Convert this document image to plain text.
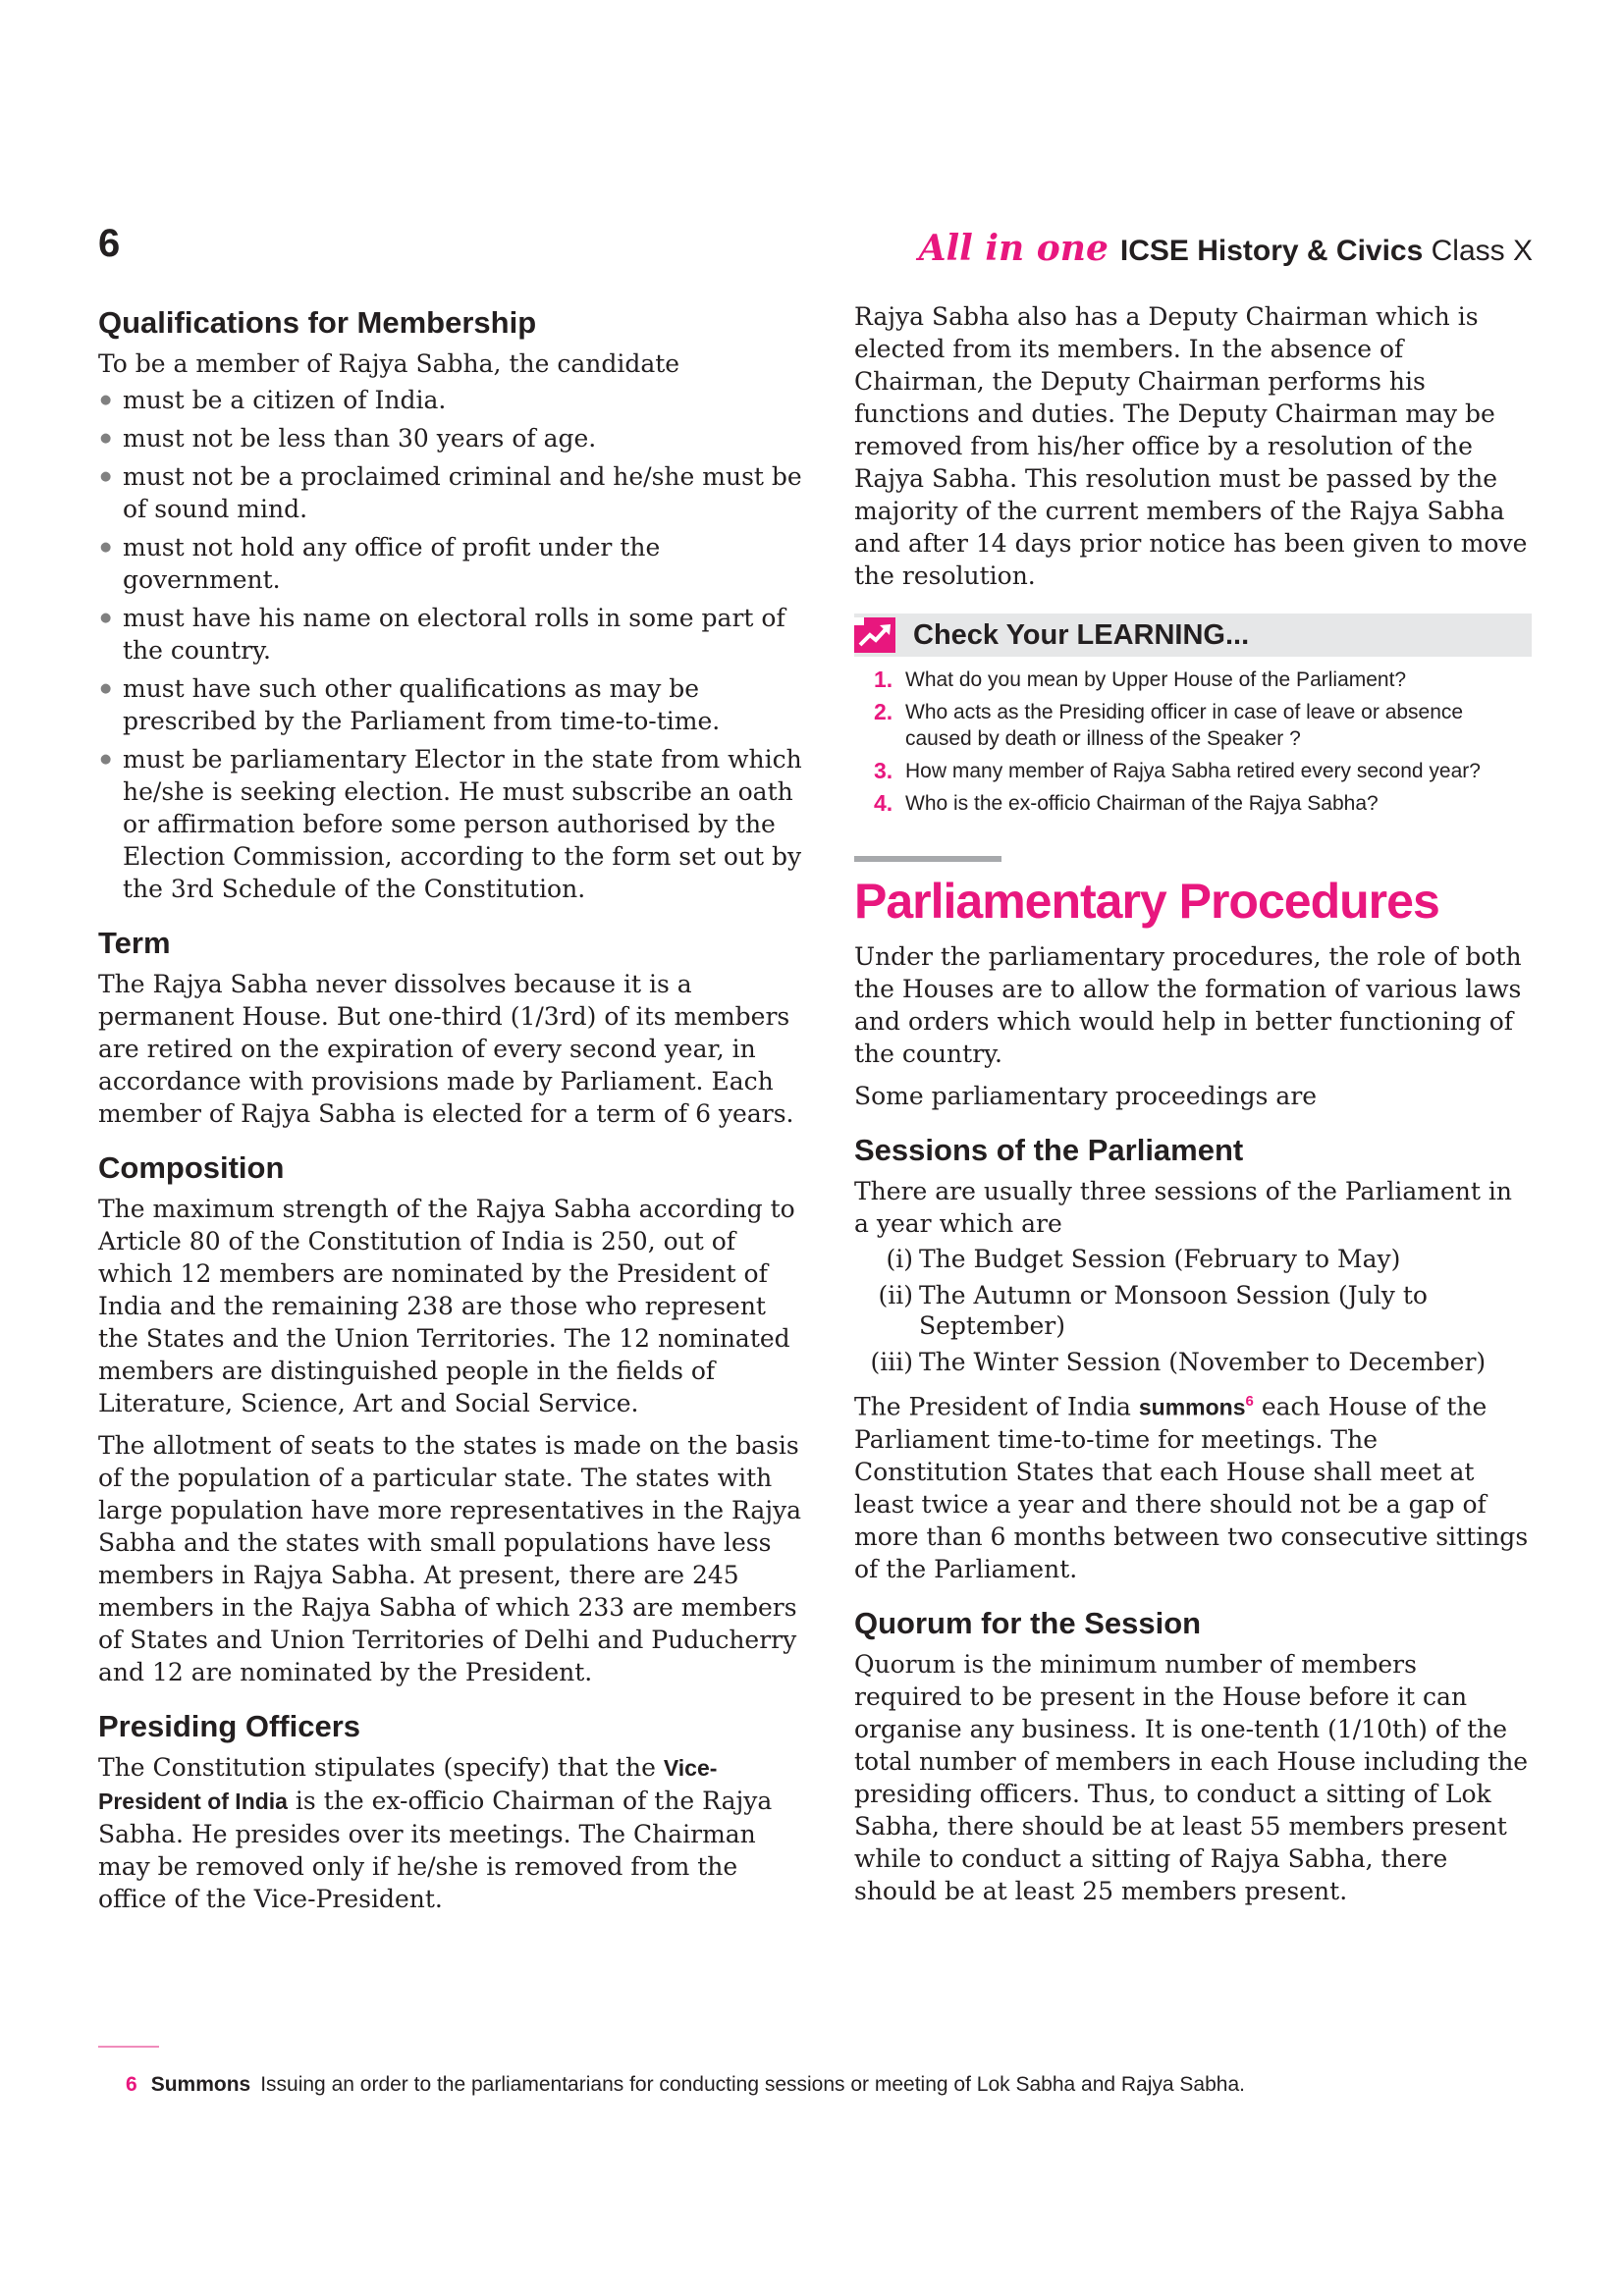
6	All in one ICSE History & Civics Class X
Qualifications for Membership

To be a member of Rajya Sabha, the candidate

● must be a citizen of India.
● must not be less than 30 years of age.
● must not be a proclaimed criminal and he/she must be of sound mind.
● must not hold any office of profit under the government.
● must have his name on electoral rolls in some part of the country.
● must have such other qualifications as may be prescribed by the Parliament from time-to-time.
● must be parliamentary Elector in the state from which he/she is seeking election. He must subscribe an oath or affirmation before some person authorised by the Election Commission, according to the form set out by the 3rd Schedule of the Constitution.
Term

The Rajya Sabha never dissolves because it is a permanent House. But one-third (1/3rd) of its members are retired on the expiration of every second year, in accordance with provisions made by Parliament. Each member of Rajya Sabha is elected for a term of 6 years.

Composition

The maximum strength of the Rajya Sabha according to Article 80 of the Constitution of India is 250, out of which 12 members are nominated by the President of India and the remaining 238 are those who represent the States and the Union Territories. The 12 nominated members are distinguished people in the fields of Literature, Science, Art and Social Service.

The allotment of seats to the states is made on the basis of the population of a particular state. The states with large population have more representatives in the Rajya Sabha and the states with small populations have less members in Rajya Sabha. At present, there are 245 members in the Rajya Sabha of which 233 are members of States and Union Territories of Delhi and Puducherry and 12 are nominated by the President.

Presiding Officers

The Constitution stipulates (specify) that the Vice-President of India is the ex-officio Chairman of the Rajya Sabha. He presides over its meetings. The Chairman may be removed only if he/she is removed from the office of the Vice-President.

Rajya Sabha also has a Deputy Chairman which is elected from its members. In the absence of Chairman, the Deputy Chairman performs his functions and duties. The Deputy Chairman may be removed from his/her office by a resolution of the Rajya Sabha. This resolution must be passed by the majority of the current members of the Rajya Sabha and after 14 days prior notice has been given to move the resolution.

Check Your LEARNING...
1. What do you mean by Upper House of the Parliament?
2. Who acts as the Presiding officer in case of leave or absence caused by death or illness of the Speaker ?
3. How many member of Rajya Sabha retired every second year?
4. Who is the ex-officio Chairman of the Rajya Sabha?
Parliamentary Procedures

Under the parliamentary procedures, the role of both the Houses are to allow the formation of various laws and orders which would help in better functioning of the country.

Some parliamentary proceedings are

Sessions of the Parliament

There are usually three sessions of the Parliament in a year which are

(i) The Budget Session (February to May)
(ii) The Autumn or Monsoon Session (July to September)
(iii) The Winter Session (November to December)

The President of India summons$^6$ each House of the Parliament time-to-time for meetings. The Constitution States that each House shall meet at least twice a year and there should not be a gap of more than 6 months between two consecutive sittings of the Parliament.

Quorum for the Session

Quorum is the minimum number of members required to be present in the House before it can organise any business. It is one-tenth (1/10th) of the total number of members in each House including the presiding officers. Thus, to conduct a sitting of Lok Sabha, there should be at least 55 members present while to conduct a sitting of Rajya Sabha, there should be at least 25 members present.

6 Summons Issuing an order to the parliamentarians for conducting sessions or meeting of Lok Sabha and Rajya Sabha.
